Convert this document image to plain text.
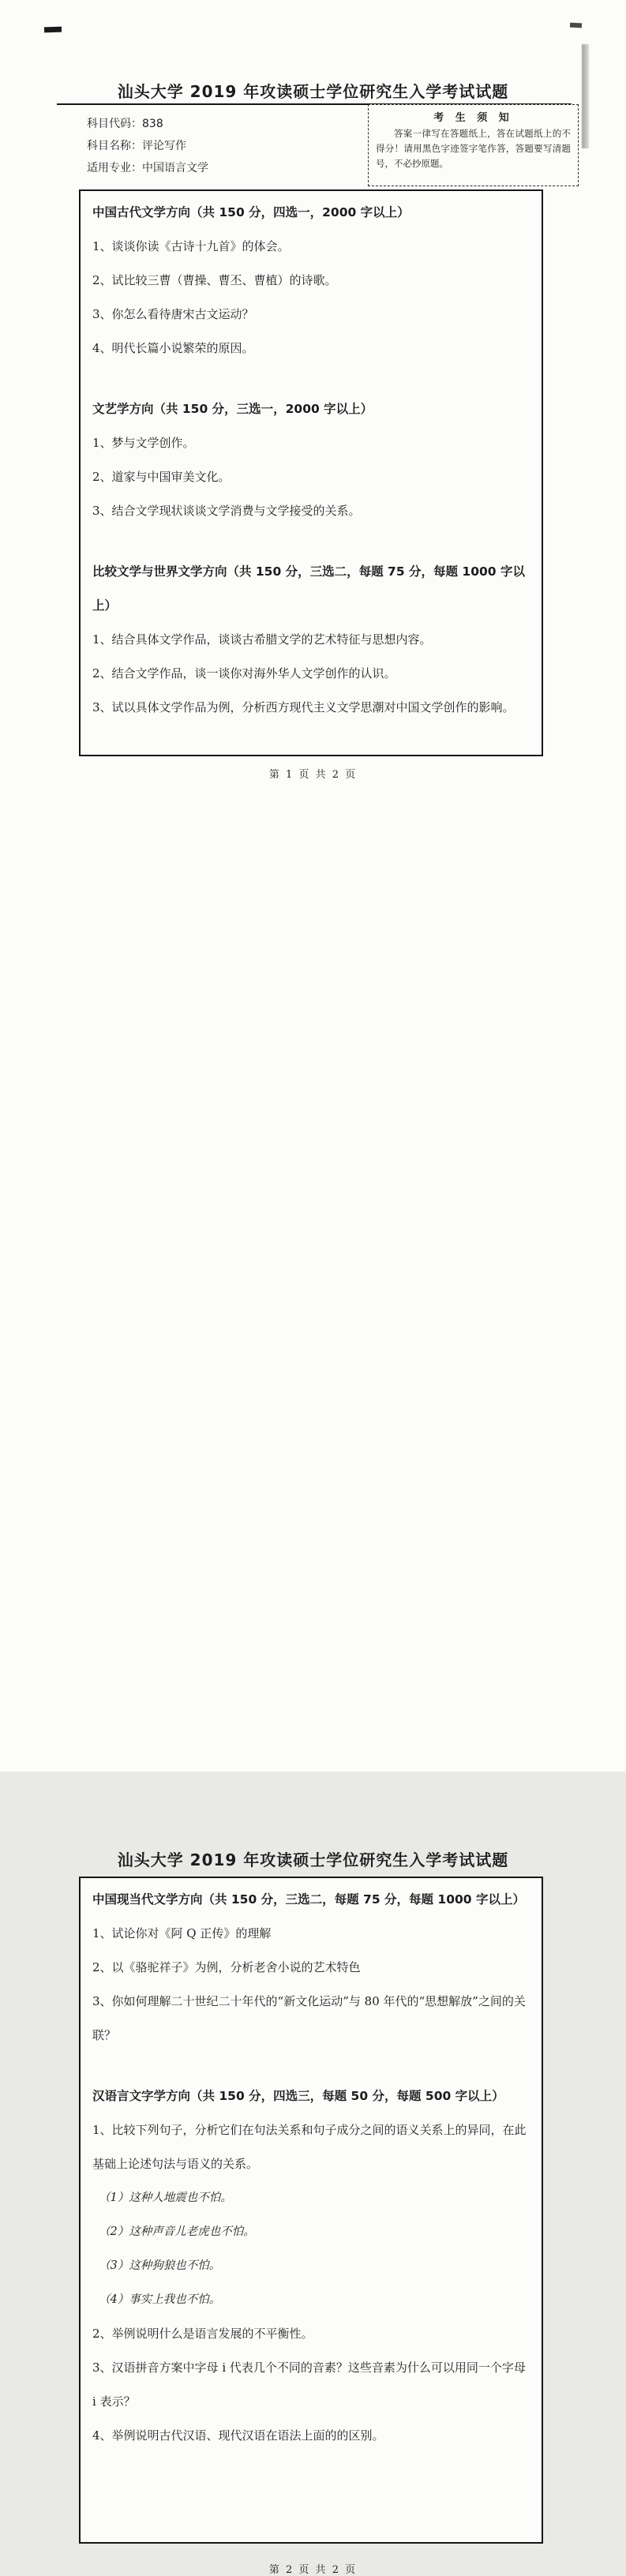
汕头大学 2019 年攻读硕士学位研究生入学考试试题
科目代码：838
科目名称：评论写作
适用专业：中国语言文学

考 生 须 知

答案一律写在答题纸上，答在试题纸上的不得分！请用黑色字迹签字笔作答，答题要写清题号，不必抄原题。

中国古代文学方向（共 150 分，四选一，2000 字以上）

1、谈谈你读《古诗十九首》的体会。

2、试比较三曹（曹操、曹丕、曹植）的诗歌。

3、你怎么看待唐宋古文运动？

4、明代长篇小说繁荣的原因。

文艺学方向（共 150 分，三选一，2000 字以上）

1、梦与文学创作。

2、道家与中国审美文化。

3、结合文学现状谈谈文学消费与文学接受的关系。

比较文学与世界文学方向（共 150 分，三选二，每题 75 分，每题 1000 字以上）

1、结合具体文学作品，谈谈古希腊文学的艺术特征与思想内容。

2、结合文学作品，谈一谈你对海外华人文学创作的认识。

3、试以具体文学作品为例，分析西方现代主义文学思潮对中国文学创作的影响。

第 1 页 共 2 页
汕头大学 2019 年攻读硕士学位研究生入学考试试题
中国现当代文学方向（共 150 分，三选二，每题 75 分，每题 1000 字以上）

1、试论你对《阿 Q 正传》的理解

2、以《骆驼祥子》为例，分析老舍小说的艺术特色

3、你如何理解二十世纪二十年代的“新文化运动”与 80 年代的“思想解放”之间的关联？

汉语言文字学方向（共 150 分，四选三，每题 50 分，每题 500 字以上）

1、比较下列句子，分析它们在句法关系和句子成分之间的语义关系上的异同，在此基础上论述句法与语义的关系。

（1）这种人地震也不怕。

（2）这种声音儿老虎也不怕。

（3）这种狗狼也不怕。

（4）事实上我也不怕。

2、举例说明什么是语言发展的不平衡性。

3、汉语拼音方案中字母 i 代表几个不同的音素？这些音素为什么可以用同一个字母 i 表示？

4、举例说明古代汉语、现代汉语在语法上面的的区别。

第 2 页 共 2 页
